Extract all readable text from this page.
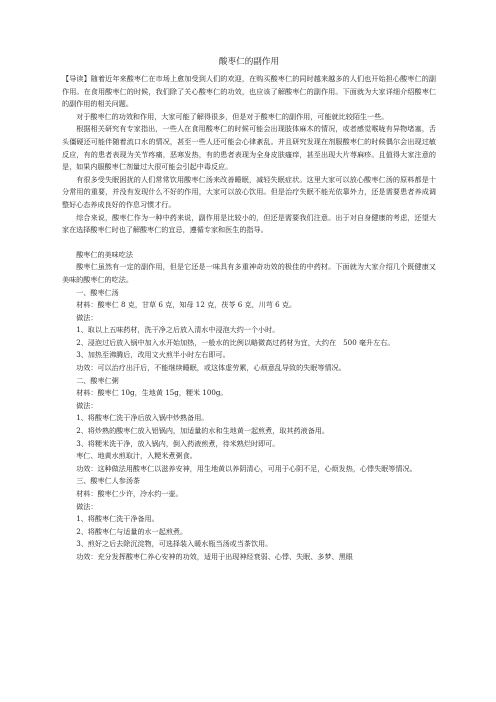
酸枣仁的副作用

【导读】随着近年来酸枣仁在市场上愈加受到人们的欢迎，在购买酸枣仁的同时越来越多的人们也开始担心酸枣仁的副作用。在食用酸枣仁的时候，我们除了关心酸枣仁的功效，也应该了解酸枣仁的副作用。下面就为大家详细介绍酸枣仁的副作用的相关问题。

对于酸枣仁的功效和作用，大家可能了解得很多，但是对于酸枣仁的副作用，可能就比较陌生一些。

根据相关研究有专家指出，一些人在食用酸枣仁的时候可能会出现肢体麻木的情况，或者感觉喉咙有异物堵塞，舌头僵硬还可能伴随着流口水的情况，甚至一些人还可能会心律紊乱。并且研究发现在剂服酸枣仁的时候偶尔会出现过敏反应，有的患者表现为关节疼痛，恶寒发热，有的患者表现为全身皮肤瘙痒，甚至出现大片荨麻疹。且值得大家注意的是，如果内服酸枣仁剂量过大很可能会引起中毒反应。

有很多受失眠困扰的人们常常饮用酸枣仁汤来改善睡眠，减轻失眠症状。这里大家可以放心酸枣仁汤的原料都是十分常用的重要，并没有发现什么不好的作用，大家可以放心饮用。但是治疗失眠不能光依靠外力，还是需要患者养成调整好心态养成良好的作息习惯才行。

综合来说，酸枣仁作为一种中药来说，副作用是比较小的，但还是需要我们注意。出于对自身健康的考虑，还望大家在选择酸枣仁时也了解酸枣仁的宜忌，遵循专家和医生的指导。

酸枣仁的美味吃法

酸枣仁虽然有一定的副作用，但是它还是一味具有多重神奇功效的极佳的中药材。下面就为大家介绍几个既健康又美味的酸枣仁的吃法。

一、酸枣仁汤

材料：酸枣仁 8 克，甘草 6 克，知母 12 克，茯苓 6 克，川芎 6 克。

做法：

1、取以上五味药材，洗干净之后放入清水中浸泡大约一个小时。

2、浸泡过后放入锅中加入水开始加热，一般水的比例以略微高过药材为宜，大约在　500 毫升左右。

3、加热至沸腾后，改用文火煎半小时左右即可。

功效：可以治疗出汗后，不能继续睡眠，或这体虚劳累，心烦意乱导致的失眠等情况。

二、酸枣仁粥

材料：酸枣仁 10g，生地黄 15g，粳米 100g。

做法：

1、将酸枣仁洗干净后放入锅中炒熟备用。

2、将炒熟的酸枣仁放入铝锅内，加适量的水和生地黄一起煎煮，取其药液备用。

3、将粳米洗干净，放入锅内，倒入药液煎煮，待米熟烂时即可。

枣仁、地黄水煎取汁，入粳米煮粥食。

功效：这种做法用酸枣仁以滋养安神，用生地黄以养阴清心，可用于心阴不足，心烦发热，心悸失眠等情况。

三、酸枣仁人参汤茶

材料：酸枣仁少许，冷水约一壶。

做法：

1、将酸枣仁洗干净备用。

2、将酸枣仁与适量的水一起煎煮。

3、煎好之后去除沉淀物，可选择装入暖水瓶当汤或当茶饮用。

功效：充分发挥酸枣仁养心安神的功效，适用于出现神经衰弱、心悸、失眠、多梦、黑眼
